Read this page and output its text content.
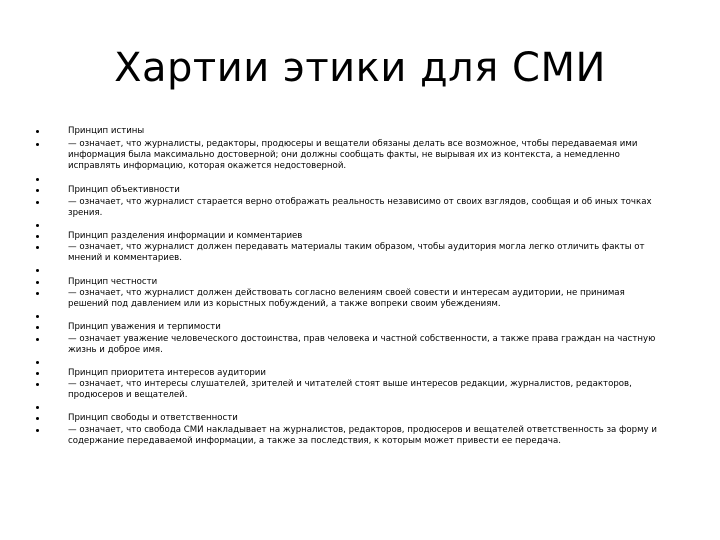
Хартии этики для СМИ
Принцип истины
— означает, что журналисты, редакторы, продюсеры и вещатели обязаны делать все возможное, чтобы передаваемая ими
информация была максимально достоверной; они должны сообщать факты, не вырывая их из контекста, а немедленно
исправлять информацию, которая окажется недостоверной.
Принцип объективности
— означает, что журналист старается верно отображать реальность независимо от своих взглядов, сообщая и об иных точках
зрения.
Принцип разделения информации и комментариев
— означает, что журналист должен передавать материалы таким образом, чтобы аудитория могла легко отличить факты от
мнений и комментариев.
Принцип честности
— означает, что журналист должен действовать согласно велениям своей совести и интересам аудитории, не принимая
решений под давлением или из корыстных побуждений, а также вопреки своим убеждениям.
Принцип уважения и терпимости
— означает уважение человеческого достоинства, прав человека и частной собственности, а также права граждан на частную
жизнь и доброе имя.
Принцип приоритета интересов аудитории
— означает, что интересы слушателей, зрителей и читателей стоят выше интересов редакции, журналистов, редакторов,
продюсеров и вещателей.
Принцип свободы и ответственности
— означает, что свобода СМИ накладывает на журналистов, редакторов, продюсеров и вещателей ответственность за форму и
содержание передаваемой информации, а также за последствия, к которым может привести ее передача.
